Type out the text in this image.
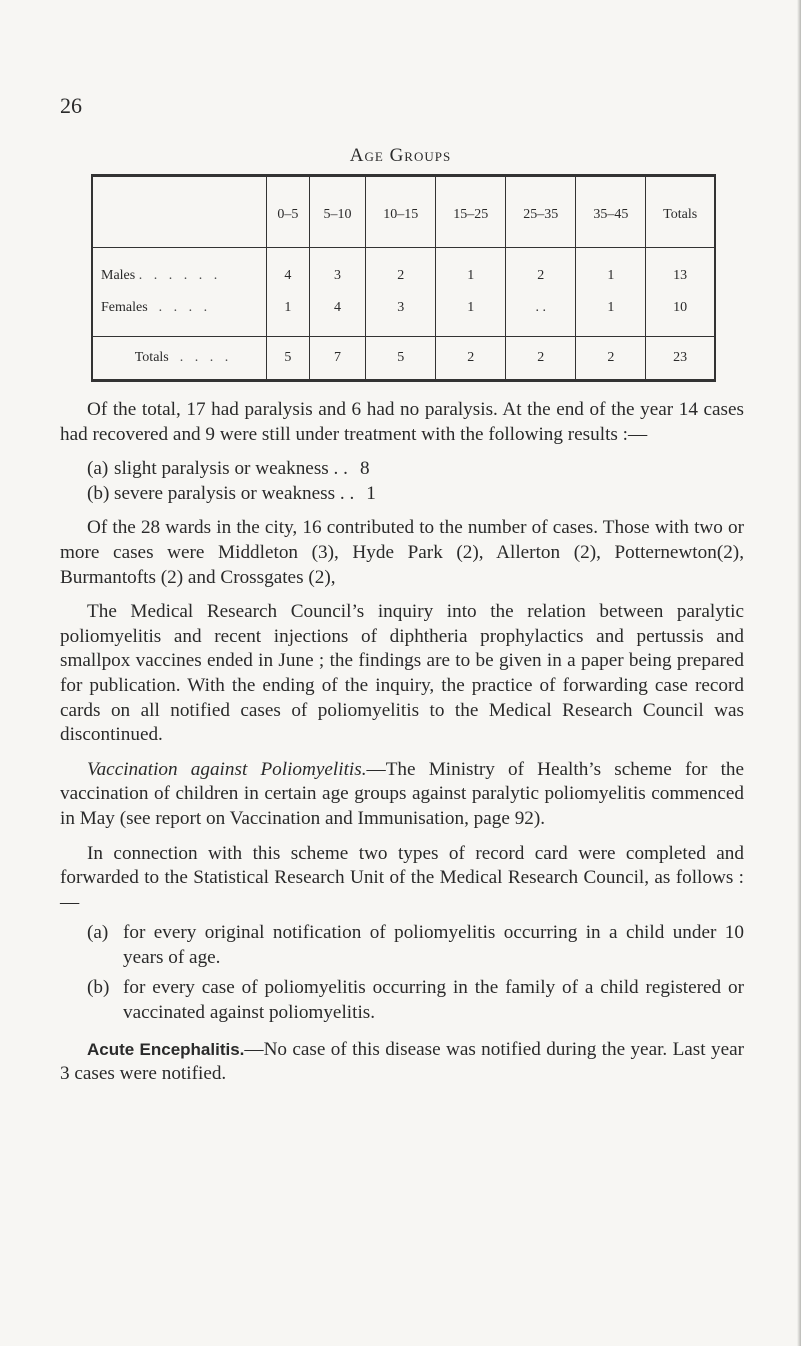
26
Age Groups
	0–5	5–10	10–15	15–25	25–35	35–45	Totals
Males . . . . . .	4	3	2	1	2	1	13
Females  . . . .	1	4	3	1	. .	1	10
Totals  . . . .	5	7	5	2	2	2	23

Of the total, 17 had paralysis and 6 had no paralysis. At the end of the year 14 cases had recovered and 9 were still under treatment with the following results :—

(a) slight paralysis or weakness . . 8
(b) severe paralysis or weakness . . 1

Of the 28 wards in the city, 16 contributed to the number of cases. Those with two or more cases were Middleton (3), Hyde Park (2), Allerton (2), Potternewton(2), Burmantofts (2) and Crossgates (2),

The Medical Research Council’s inquiry into the relation between paralytic poliomyelitis and recent injections of diphtheria prophylactics and pertussis and smallpox vaccines ended in June ; the findings are to be given in a paper being prepared for publication. With the ending of the inquiry, the practice of forwarding case record cards on all notified cases of poliomyelitis to the Medical Research Council was discontinued.

Vaccination against Poliomyelitis.—The Ministry of Health’s scheme for the vaccination of children in certain age groups against paralytic poliomyelitis commenced in May (see report on Vaccination and Immunisation, page 92).

In connection with this scheme two types of record card were completed and forwarded to the Statistical Research Unit of the Medical Research Council, as follows :—

(a) for every original notification of poliomyelitis occurring in a child under 10 years of age.
(b) for every case of poliomyelitis occurring in the family of a child registered or vaccinated against poliomyelitis.

Acute Encephalitis.—No case of this disease was notified during the year. Last year 3 cases were notified.
